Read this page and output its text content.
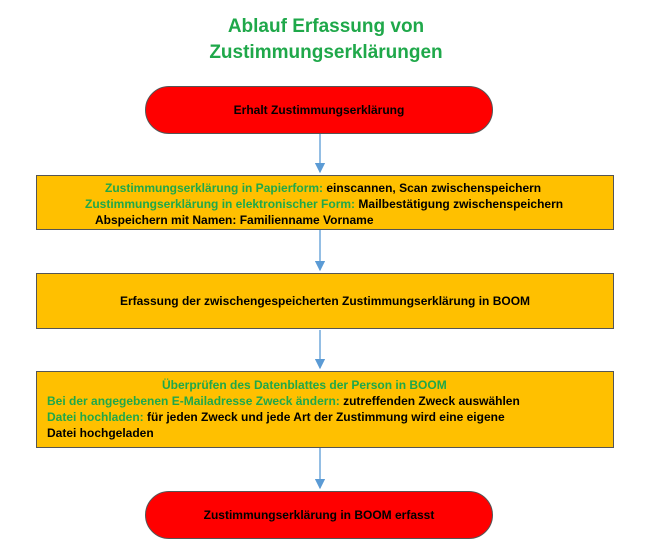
Ablauf Erfassung von
Zustimmungserklärungen
Erhalt Zustimmungserklärung
Zustimmungserklärung in Papierform: einscannen, Scan zwischenspeichern
Zustimmungserklärung in elektronischer Form: Mailbestätigung zwischenspeichern
Abspeichern mit Namen: Familienname Vorname
Erfassung der zwischengespeicherten Zustimmungserklärung in BOOM
Überprüfen des Datenblattes der Person in BOOM
Bei der angegebenen E-Mailadresse Zweck ändern: zutreffenden Zweck auswählen
Datei hochladen: für jeden Zweck und jede Art der Zustimmung wird eine eigene
Datei hochgeladen
Zustimmungserklärung in BOOM erfasst
